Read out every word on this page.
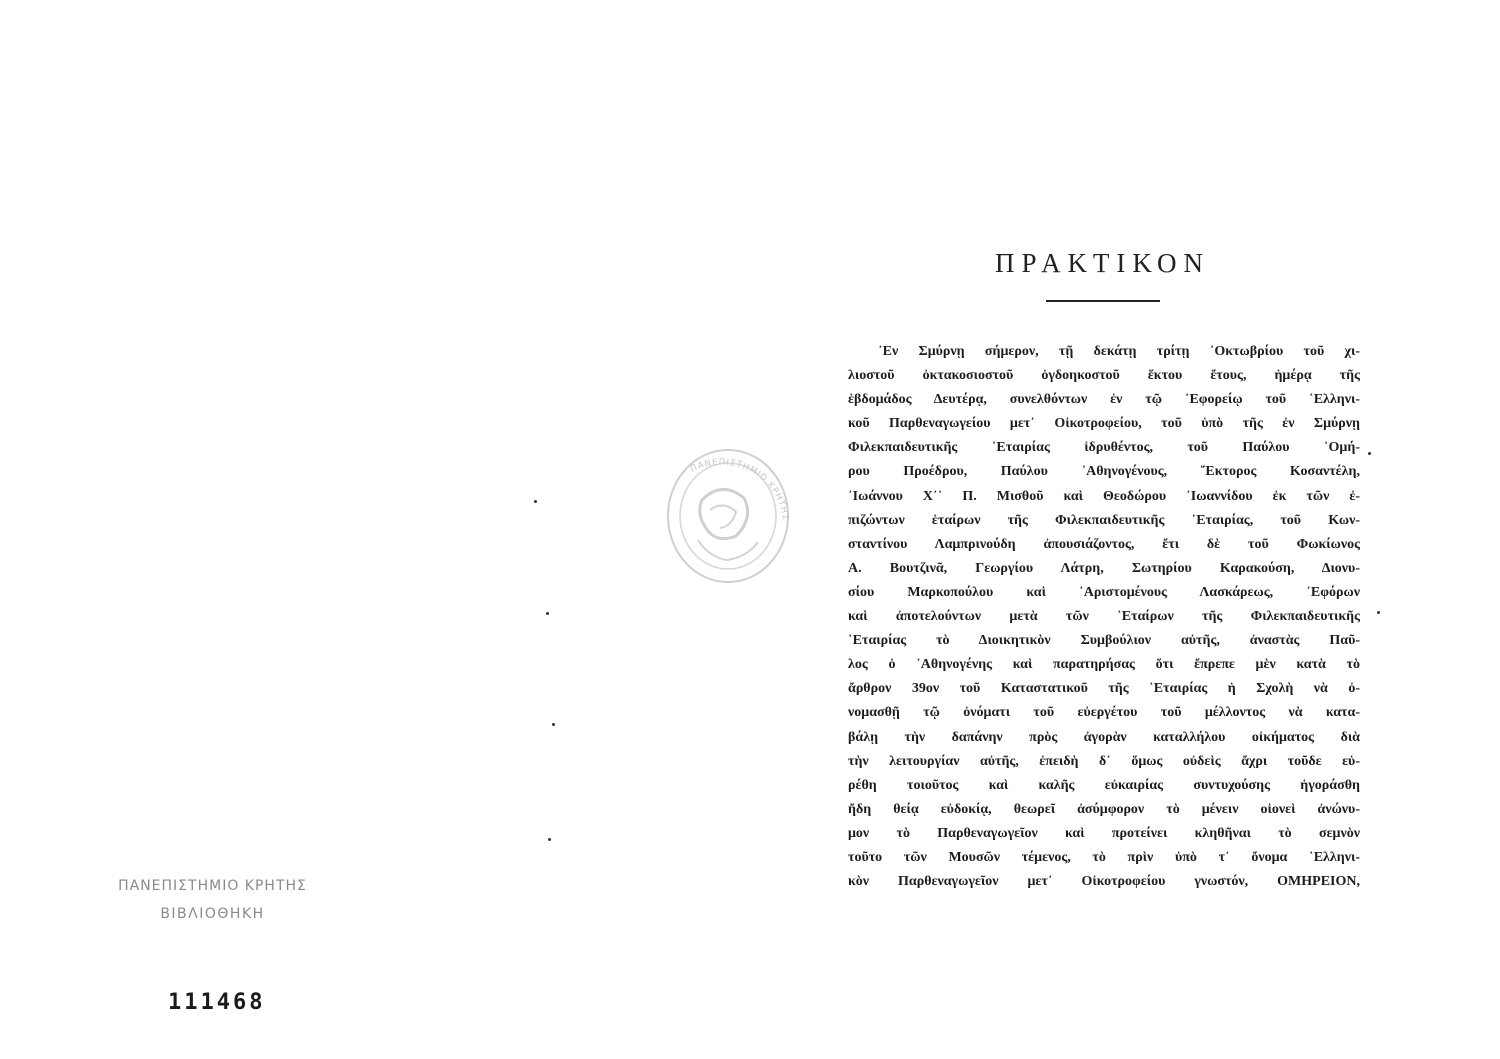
ΠΡΑΚΤΙΚΟΝ
᾿Εν Σμύρνῃ σήμερον, τῇ δεκάτῃ τρίτῃ ᾿Οκτωβρίου τοῦ χι-
λιοστοῦ ὀκτακοσιοστοῦ ὀγδοηκοστοῦ ἕκτου ἔτους, ἡμέρᾳ τῆς
ἑβδομάδος Δευτέρᾳ, συνελθόντων ἐν τῷ ᾿Εφορείῳ τοῦ ῾Ελληνι-
κοῦ Παρθεναγωγείου μετ᾿ Οἰκοτροφείου, τοῦ ὑπὸ τῆς ἐν Σμύρνῃ
Φιλεκπαιδευτικῆς ῾Εταιρίας ἱδρυθέντος, τοῦ Παύλου ῾Ομή-
ρου Προέδρου, Παύλου ᾿Αθηνογένους, ῞Εκτορος Κοσαντέλη,
᾿Ιωάννου Χ᾿᾿ Π. Μισθοῦ καὶ Θεοδώρου ᾿Ιωαννίδου ἐκ τῶν ἐ-
πιζώντων ἑταίρων τῆς Φιλεκπαιδευτικῆς ῾Εταιρίας, τοῦ Κων-
σταντίνου Λαμπρινούδη ἀπουσιάζοντος, ἔτι δὲ τοῦ Φωκίωνος
Α. Βουτζινᾶ, Γεωργίου Λάτρη, Σωτηρίου Καρακούση, Διονυ-
σίου Μαρκοπούλου καὶ ᾿Αριστομένους Λασκάρεως, ᾿Εφόρων
καὶ ἀποτελούντων μετὰ τῶν ῾Εταίρων τῆς Φιλεκπαιδευτικῆς
῾Εταιρίας τὸ Διοικητικὸν Συμβούλιον αὐτῆς, ἀναστὰς Παῦ-
λος ὁ ᾿Αθηνογένης καὶ παρατηρήσας ὅτι ἔπρεπε μὲν κατὰ τὸ
ἄρθρον 39ον τοῦ Καταστατικοῦ τῆς ῾Εταιρίας ἡ Σχολὴ νὰ ὀ-
νομασθῇ τῷ ὀνόματι τοῦ εὐεργέτου τοῦ μέλλοντος νὰ κατα-
βάλῃ τὴν δαπάνην πρὸς ἀγορὰν καταλλήλου οἰκήματος διὰ
τὴν λειτουργίαν αὐτῆς, ἐπειδὴ δ᾿ ὅμως οὐδεὶς ἄχρι τοῦδε εὑ-
ρέθη τοιοῦτος καὶ καλῆς εὐκαιρίας συντυχούσης ἠγοράσθη
ἤδη θείᾳ εὐδοκίᾳ, θεωρεῖ ἀσύμφορον τὸ μένειν οἱονεὶ ἀνώνυ-
μον τὸ Παρθεναγωγεῖον καὶ προτείνει κληθῆναι τὸ σεμνὸν
τοῦτο τῶν Μουσῶν τέμενος, τὸ πρὶν ὑπὸ τ᾿ ὄνομα ῾Ελληνι-
κὸν Παρθεναγωγεῖον μετ᾿ Οἰκοτροφείου γνωστόν, ΟΜΗΡΕΙΟΝ,
ΠΑΝΕΠΙΣΤΗΜΙΟ ΚΡΗΤΗΣ
ΠΑΝΕΠΙΣΤΗΜΙΟ ΚΡΗΤΗΣ
ΒΙΒΛΙΟΘΗΚΗ
111468
